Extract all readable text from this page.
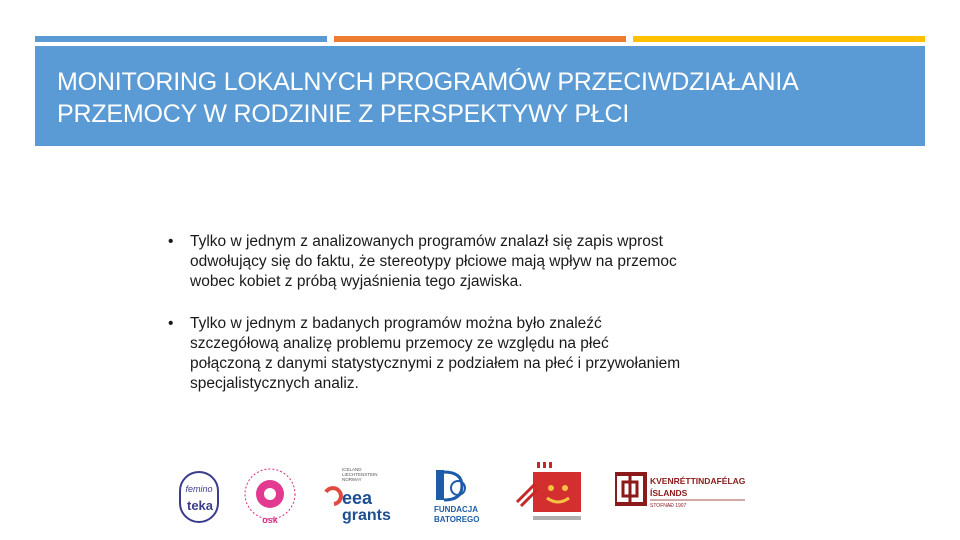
MONITORING LOKALNYCH PROGRAMÓW PRZECIWDZIAŁANIA
PRZEMOCY W RODZINIE Z PERSPEKTYWY PŁCI

• Tylko w jednym z analizowanych programów znalazł się zapis wprost
odwołujący się do faktu, że stereotypy płciowe mają wpływ na przemoc
wobec kobiet z próbą wyjaśnienia tego zjawiska.
• Tylko w jednym z badanych programów można było znaleźć
szczegółową analizę problemu przemocy ze względu na płeć
połączoną z danymi statystycznymi z podziałem na płeć i przywołaniem
specjalistycznych analiz.
femino
teka
osk
ICELAND
LIECHTENSTEIN
NORWAY
eea
grants	FUNDACJA
BATOREGO
KVENRÉTTINDAFÉLAG
ÍSLANDS
STOFNAÐ 1907
